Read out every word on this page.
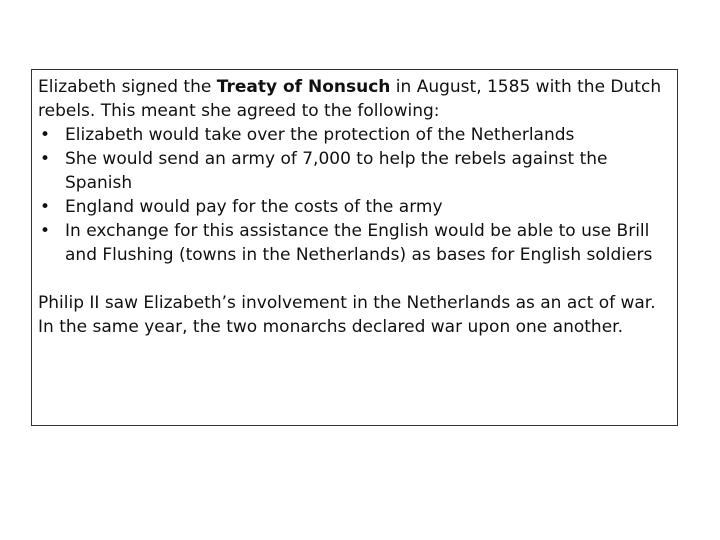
Elizabeth signed the Treaty of Nonsuch in August, 1585 with the Dutch rebels. This meant she agreed to the following:

• Elizabeth would take over the protection of the Netherlands
• She would send an army of 7,000 to help the rebels against the Spanish
• England would pay for the costs of the army
• In exchange for this assistance the English would be able to use Brill and Flushing (towns in the Netherlands) as bases for English soldiers

Philip II saw Elizabeth’s involvement in the Netherlands as an act of war. In the same year, the two monarchs declared war upon one another.
